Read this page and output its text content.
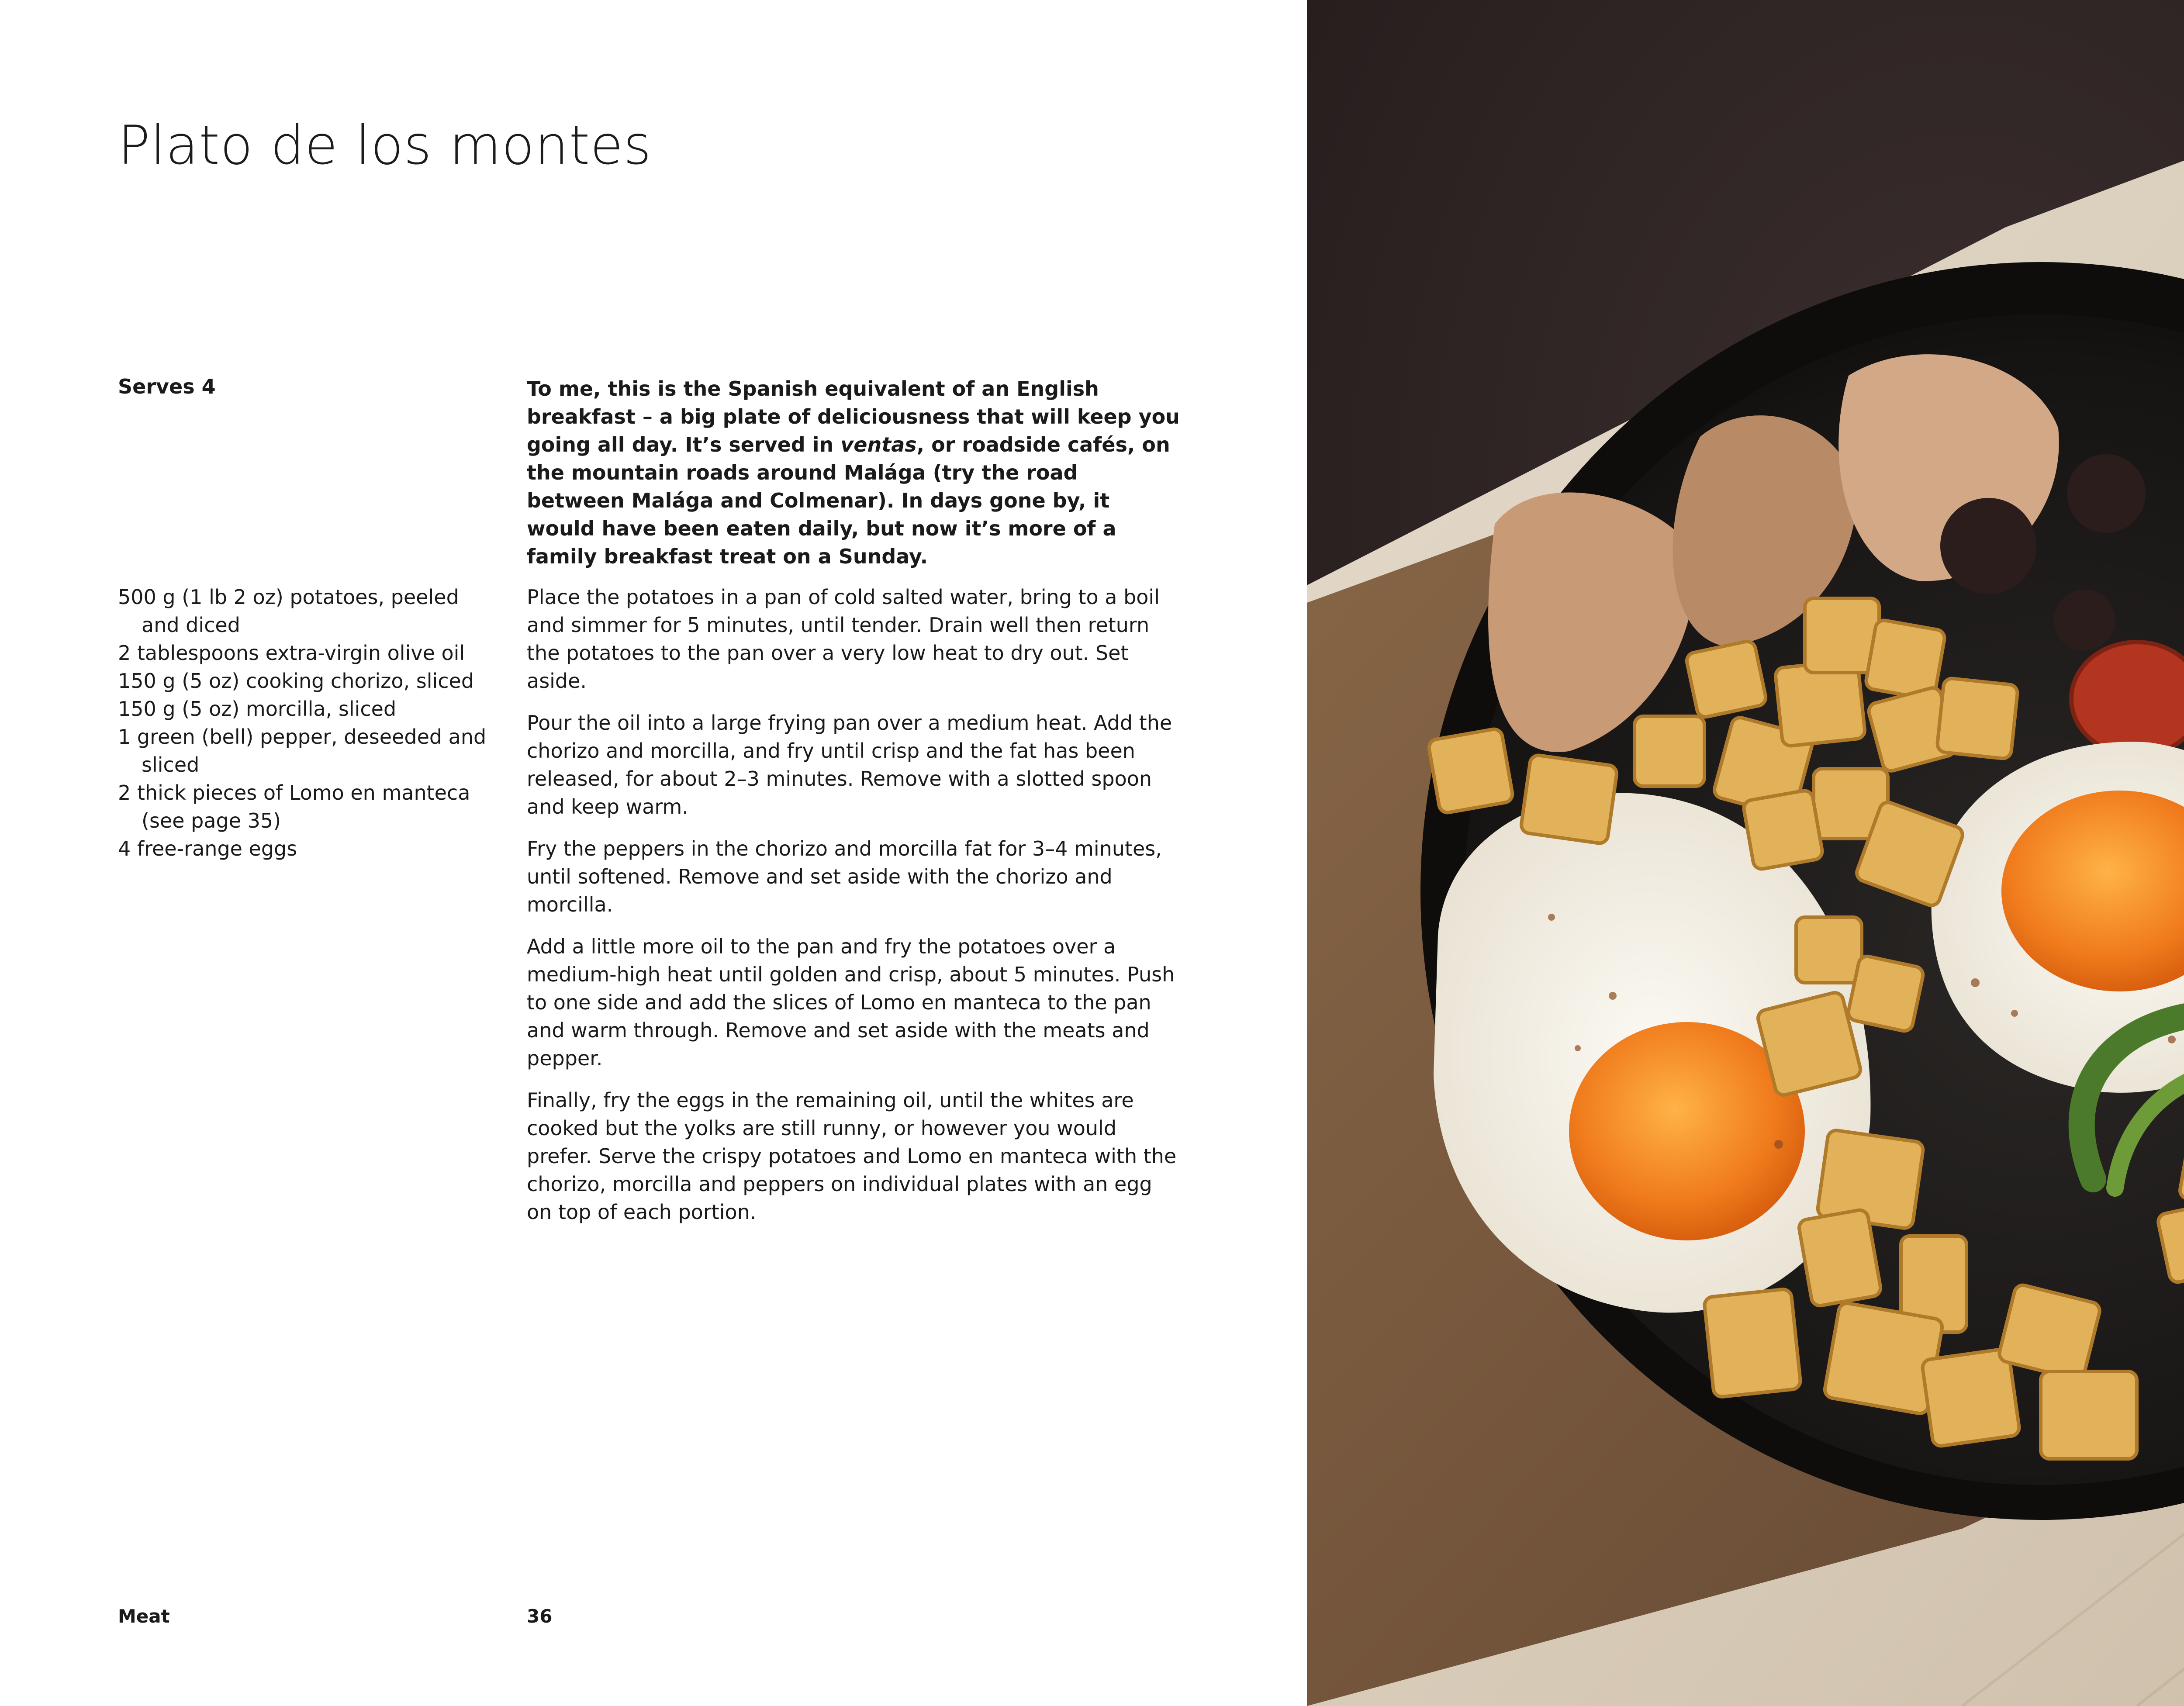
Plato de los montes

Serves 4	To me, this is the Spanish equivalent of an English breakfast – a big plate of deliciousness that will keep you going all day. It’s served in ventas, or roadside cafés, on the mountain roads around Malága (try the road between Malága and Colmenar). In days gone by, it would have been eaten daily, but now it’s more of a family breakfast treat on a Sunday.

500 g (1 lb 2 oz) potatoes, peeled and diced
2 tablespoons extra-virgin olive oil
150 g (5 oz) cooking chorizo, sliced
150 g (5 oz) morcilla, sliced
1 green (bell) pepper, deseeded and sliced
2 thick pieces of Lomo en manteca (see page 35)
4 free-range eggs

Place the potatoes in a pan of cold salted water, bring to a boil and simmer for 5 minutes, until tender. Drain well then return the potatoes to the pan over a very low heat to dry out. Set aside.

Pour the oil into a large frying pan over a medium heat. Add the chorizo and morcilla, and fry until crisp and the fat has been released, for about 2–3 minutes. Remove with a slotted spoon and keep warm.

Fry the peppers in the chorizo and morcilla fat for 3–4 minutes, until softened. Remove and set aside with the chorizo and morcilla.

Add a little more oil to the pan and fry the potatoes over a medium-high heat until golden and crisp, about 5 minutes. Push to one side and add the slices of Lomo en manteca to the pan and warm through. Remove and set aside with the meats and pepper.

Finally, fry the eggs in the remaining oil, until the whites are cooked but the yolks are still runny, or however you would prefer. Serve the crispy potatoes and Lomo en manteca with the chorizo, morcilla and peppers on individual plates with an egg on top of each portion.

Meat	36
